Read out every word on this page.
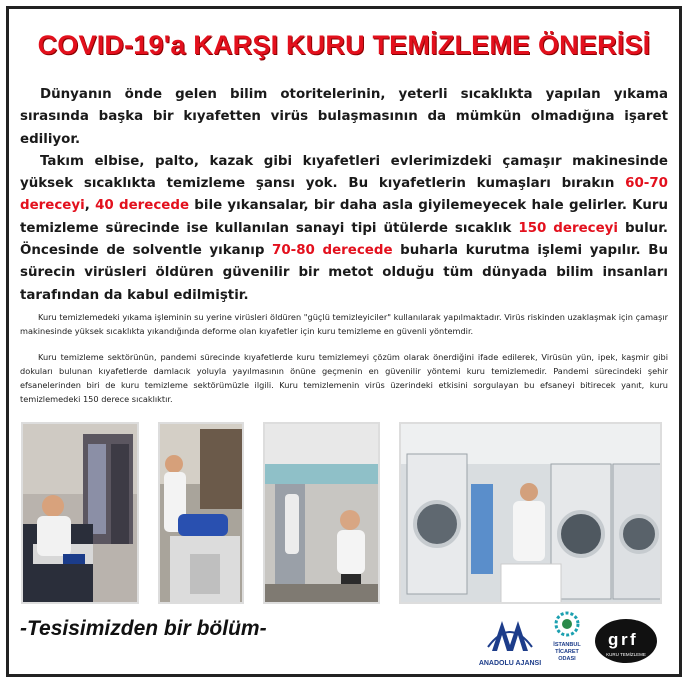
COVID-19'a KARŞI KURU TEMİZLEME ÖNERİSİ

Dünyanın önde gelen bilim otoritelerinin, yeterli sıcaklıkta yapılan yıkama sırasında başka bir kıyafetten virüs bulaşmasının da mümkün olmadığına işaret ediliyor.

Takım elbise, palto, kazak gibi kıyafetleri evlerimizdeki çamaşır makinesinde yüksek sıcaklıkta temizleme şansı yok. Bu kıyafetlerin kumaşları bırakın 60-70 dereceyi, 40 derecede bile yıkansalar, bir daha asla giyilemeyecek hale gelirler. Kuru temizleme sürecinde ise kullanılan sanayi tipi ütülerde sıcaklık 150 dereceyi bulur. Öncesinde de solventle yıkanıp 70-80 derecede buharla kurutma işlemi yapılır. Bu sürecin virüsleri öldüren güvenilir bir metot olduğu tüm dünyada bilim insanları tarafından da kabul edilmiştir.

Kuru temizlemedeki yıkama işleminin su yerine virüsleri öldüren "güçlü temizleyiciler" kullanılarak yapılmaktadır. Virüs riskinden uzaklaşmak için çamaşır makinesinde yüksek sıcaklıkta yıkandığında deforme olan kıyafetler için kuru temizleme en güvenli yöntemdir.

Kuru temizleme sektörünün, pandemi sürecinde kıyafetlerde kuru temizlemeyi çözüm olarak önerdiğini ifade edilerek, Virüsün yün, ipek, kaşmir gibi dokuları bulunan kıyafetlerde damlacık yoluyla yayılmasının önüne geçmenin en güvenilir yöntemi kuru temizlemedir. Pandemi sürecindeki şehir efsanelerinden biri de kuru temizleme sektörümüzle ilgili. Kuru temizlemenin virüs üzerindeki etkisini sorgulayan bu efsaneyi bitirecek yanıt, kuru temizlemedeki 150 derece sıcaklıktır.

-Tesisimizden bir bölüm-
ANADOLU AJANSI
İSTANBUL
TİCARET
ODASI
g r f
KURU TEMİZLEME
